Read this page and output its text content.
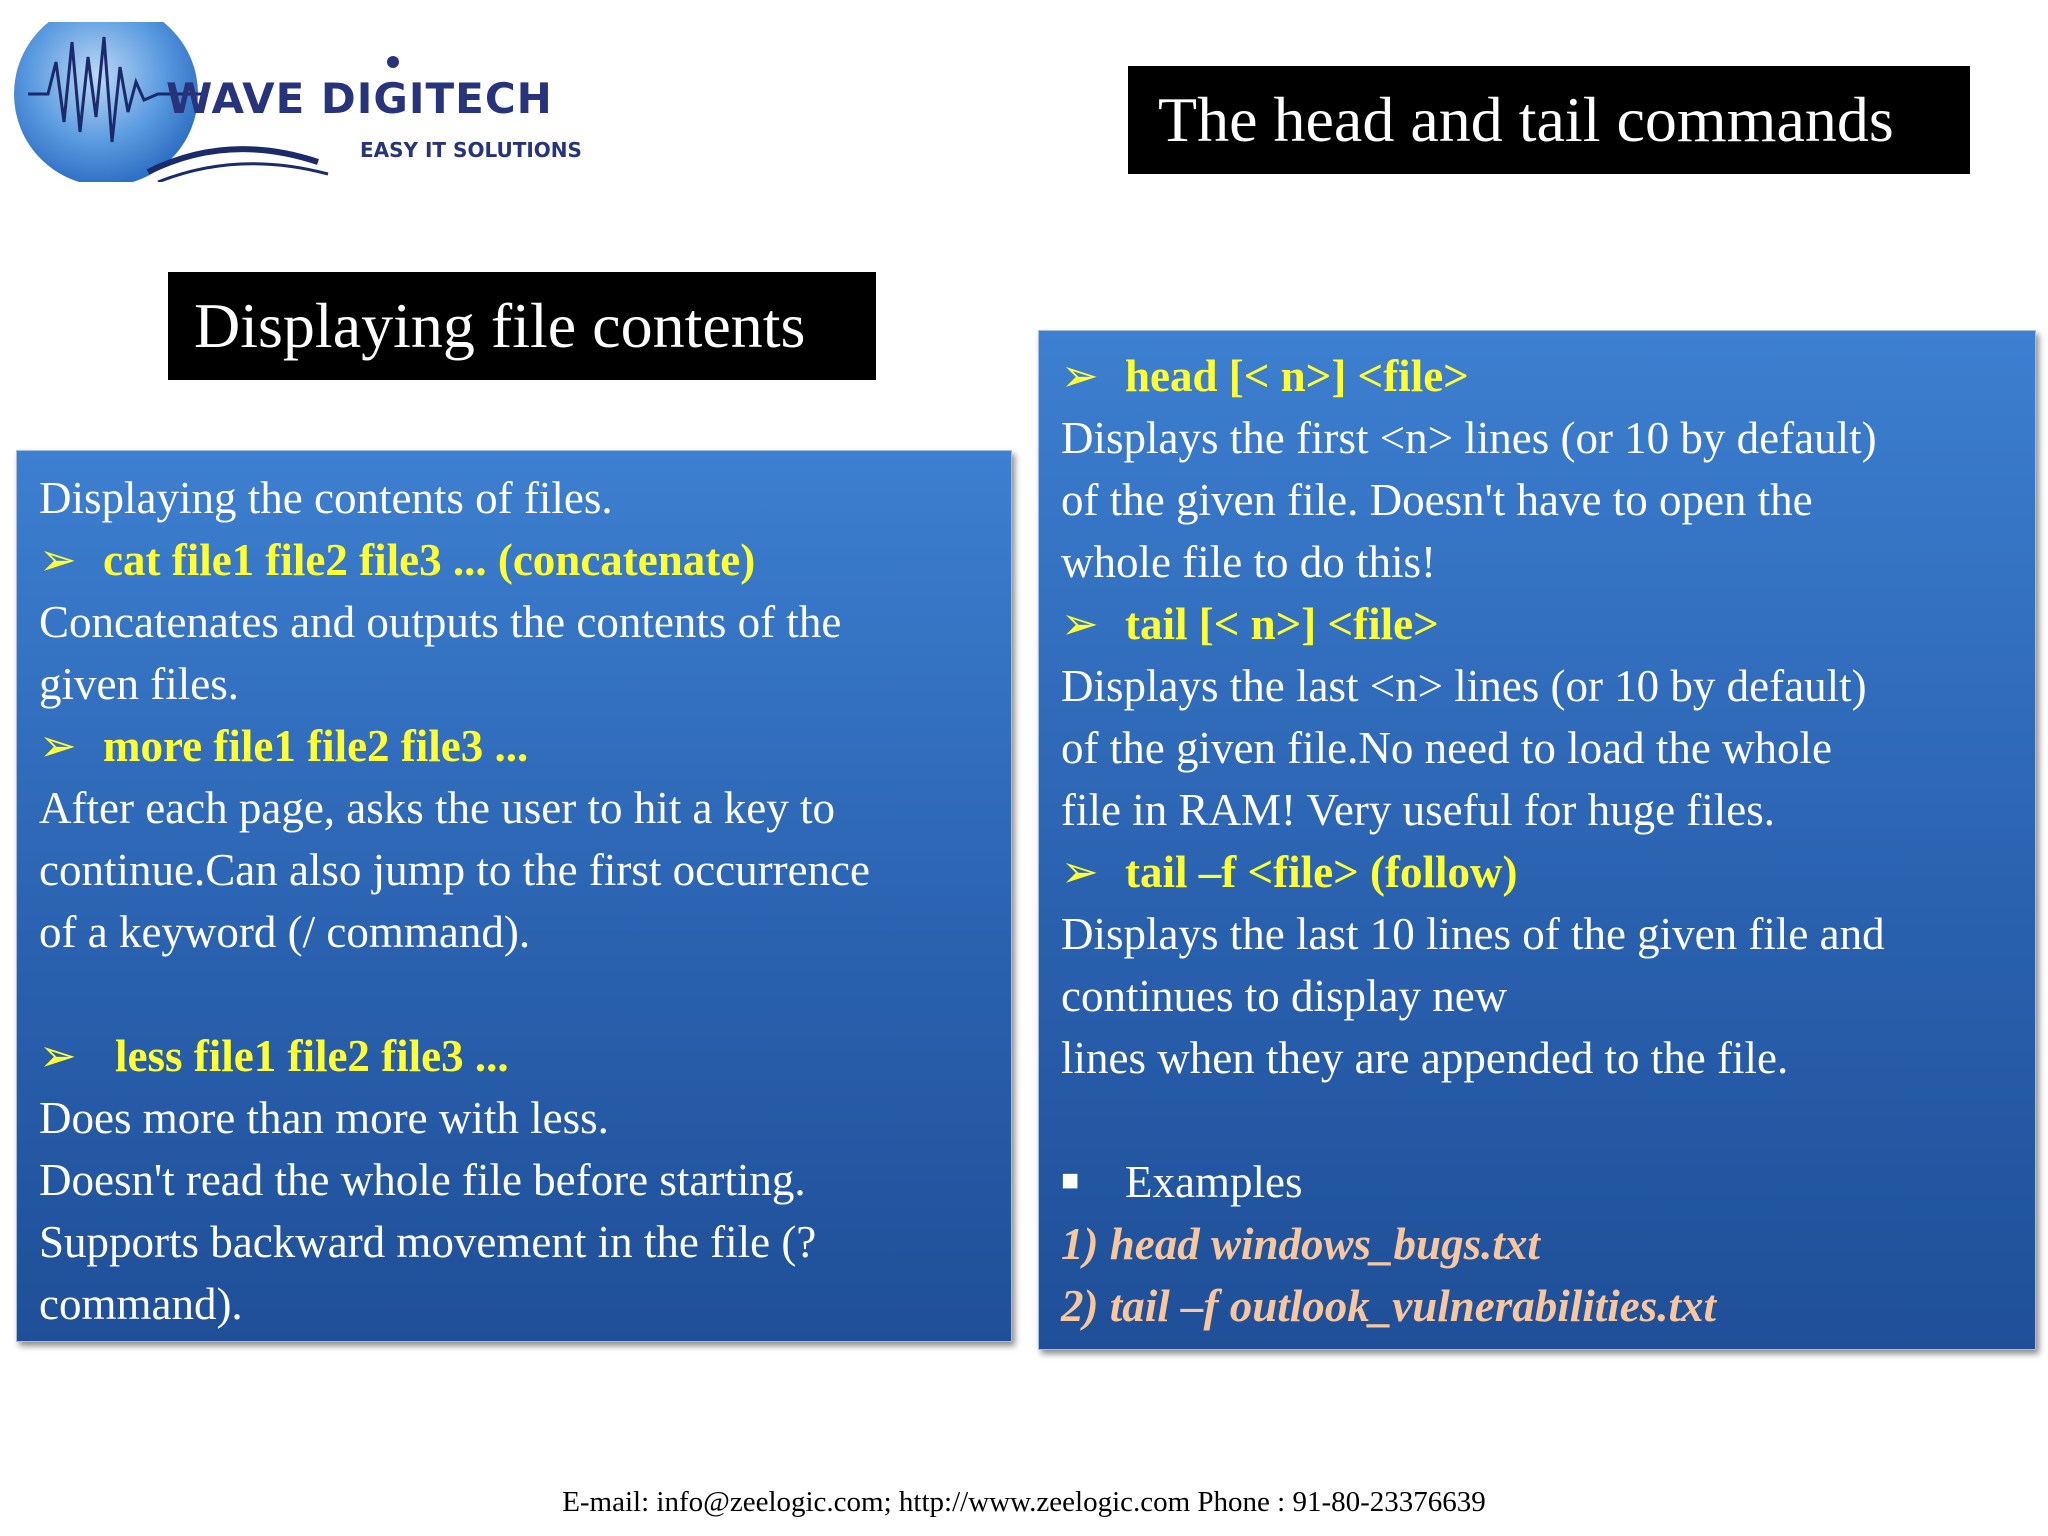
WAVE DIGITECH
EASY IT SOLUTIONS	The head and tail commands
Displaying file contents
Displaying the contents of files.
➢ cat file1 file2 file3 ... (concatenate)
Concatenates and outputs the contents of the
given files.
➢ more file1 file2 file3 ...
After each page, asks the user to hit a key to
continue.Can also jump to the first occurrence
of a keyword (/ command).
➢ less file1 file2 file3 ...
Does more than more with less.
Doesn't read the whole file before starting.
Supports backward movement in the file (?
command).
➢ head [< n>] <file>
Displays the first <n> lines (or 10 by default)
of the given file. Doesn't have to open the
whole file to do this!
➢ tail [< n>] <file>
Displays the last <n> lines (or 10 by default)
of the given file.No need to load the whole
file in RAM! Very useful for huge files.
➢ tail –f <file> (follow)
Displays the last 10 lines of the given file and
continues to display new
lines when they are appended to the file.
■ Examples
1) head windows_bugs.txt
2) tail –f outlook_vulnerabilities.txt
E-mail: info@zeelogic.com; http://www.zeelogic.com Phone : 91-80-23376639
